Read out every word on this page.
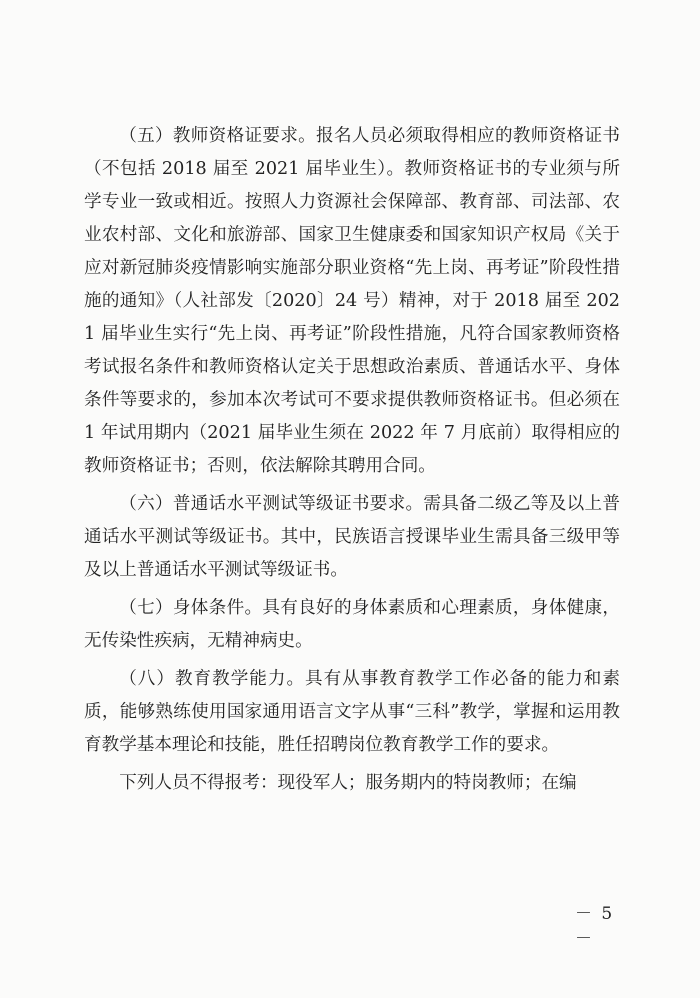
（五）教师资格证要求。报名人员必须取得相应的教师资格证书（不包括 2018 届至 2021 届毕业生）。教师资格证书的专业须与所学专业一致或相近。按照人力资源社会保障部、教育部、司法部、农业农村部、文化和旅游部、国家卫生健康委和国家知识产权局《关于应对新冠肺炎疫情影响实施部分职业资格“先上岗、再考证”阶段性措施的通知》（人社部发〔2020〕24 号）精神，对于 2018 届至 2021 届毕业生实行“先上岗、再考证”阶段性措施，凡符合国家教师资格考试报名条件和教师资格认定关于思想政治素质、普通话水平、身体条件等要求的，参加本次考试可不要求提供教师资格证书。但必须在 1 年试用期内（2021 届毕业生须在 2022 年 7 月底前）取得相应的教师资格证书；否则，依法解除其聘用合同。

（六）普通话水平测试等级证书要求。需具备二级乙等及以上普通话水平测试等级证书。其中，民族语言授课毕业生需具备三级甲等及以上普通话水平测试等级证书。

（七）身体条件。具有良好的身体素质和心理素质，身体健康，无传染性疾病，无精神病史。

（八）教育教学能力。具有从事教育教学工作必备的能力和素质，能够熟练使用国家通用语言文字从事“三科”教学，掌握和运用教育教学基本理论和技能，胜任招聘岗位教育教学工作的要求。

下列人员不得报考：现役军人；服务期内的特岗教师；在编

－ 5 －
